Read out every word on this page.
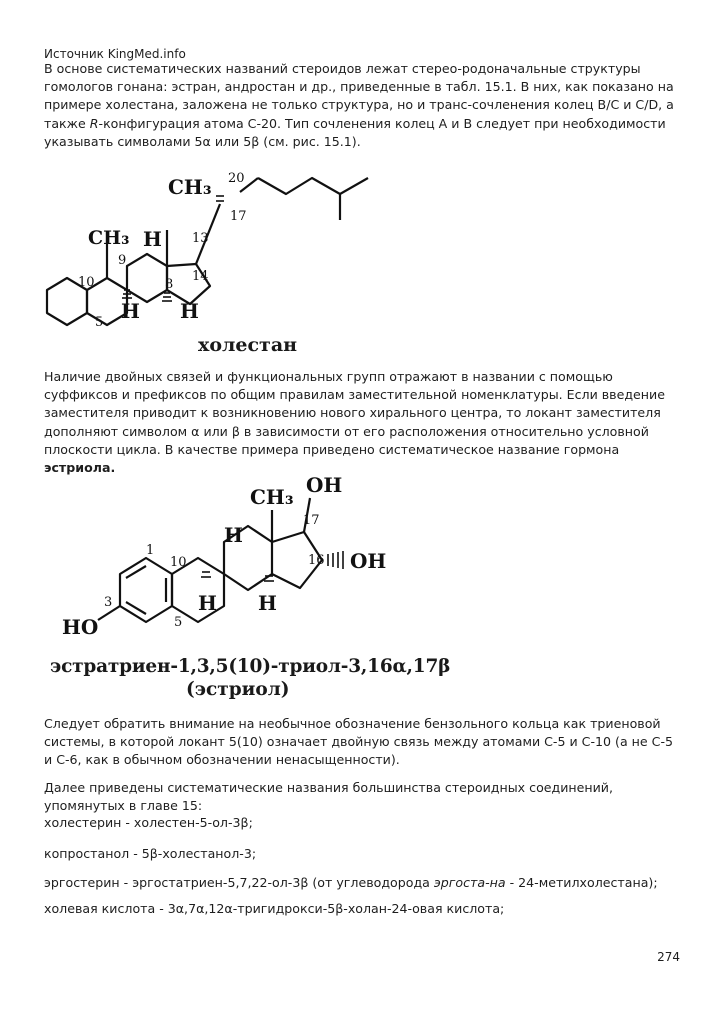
Источник KingMed.info

В основе систематических названий стероидов лежат стерео-родоначальные структуры гомологов гонана: эстран, андростан и др., приведенные в табл. 15.1. В них, как показано на примере холестана, заложена не только структура, но и транс-сочленения колец B/C и C/D, а также R-конфигурация атома С-20. Тип сочленения колец А и В следует при необходимости указывать символами 5α или 5β (см. рис. 15.1).

CH₃
CH₃ H
H H
20
17
13
9
10	8
14
5
холестан

Наличие двойных связей и функциональных групп отражают в названии с помощью суффиксов и префиксов по общим правилам заместительной номенклатуры. Если введение заместителя приводит к возникновению нового хирального центра, то локант заместителя дополняют символом α или β в зависимости от его расположения относительно условной плоскости цикла. В качестве примера приведено систематическое название гормона эстриола.

CH₃ OH
OH
HO
H
H H
17
16
1
10
3
5
эстратриен-1,3,5(10)-триол-3,16α,17β
(эстриол)

Следует обратить внимание на необычное обозначение бензольного кольца как триеновой системы, в которой локант 5(10) означает двойную связь между атомами С-5 и С-10 (а не С-5 и С-6, как в обычном обозначении ненасыщенности).

Далее приведены систематические названия большинства стероидных соединений, упомянутых в главе 15:

холестерин - холестен-5-ол-3β;
копростанол - 5β-холестанол-3;
эргостерин - эргостатриен-5,7,22-ол-3β (от углеводорода эргоста-на - 24-метилхолестана);
холевая кислота - 3α,7α,12α-тригидрокси-5β-холан-24-овая кислота;
274
